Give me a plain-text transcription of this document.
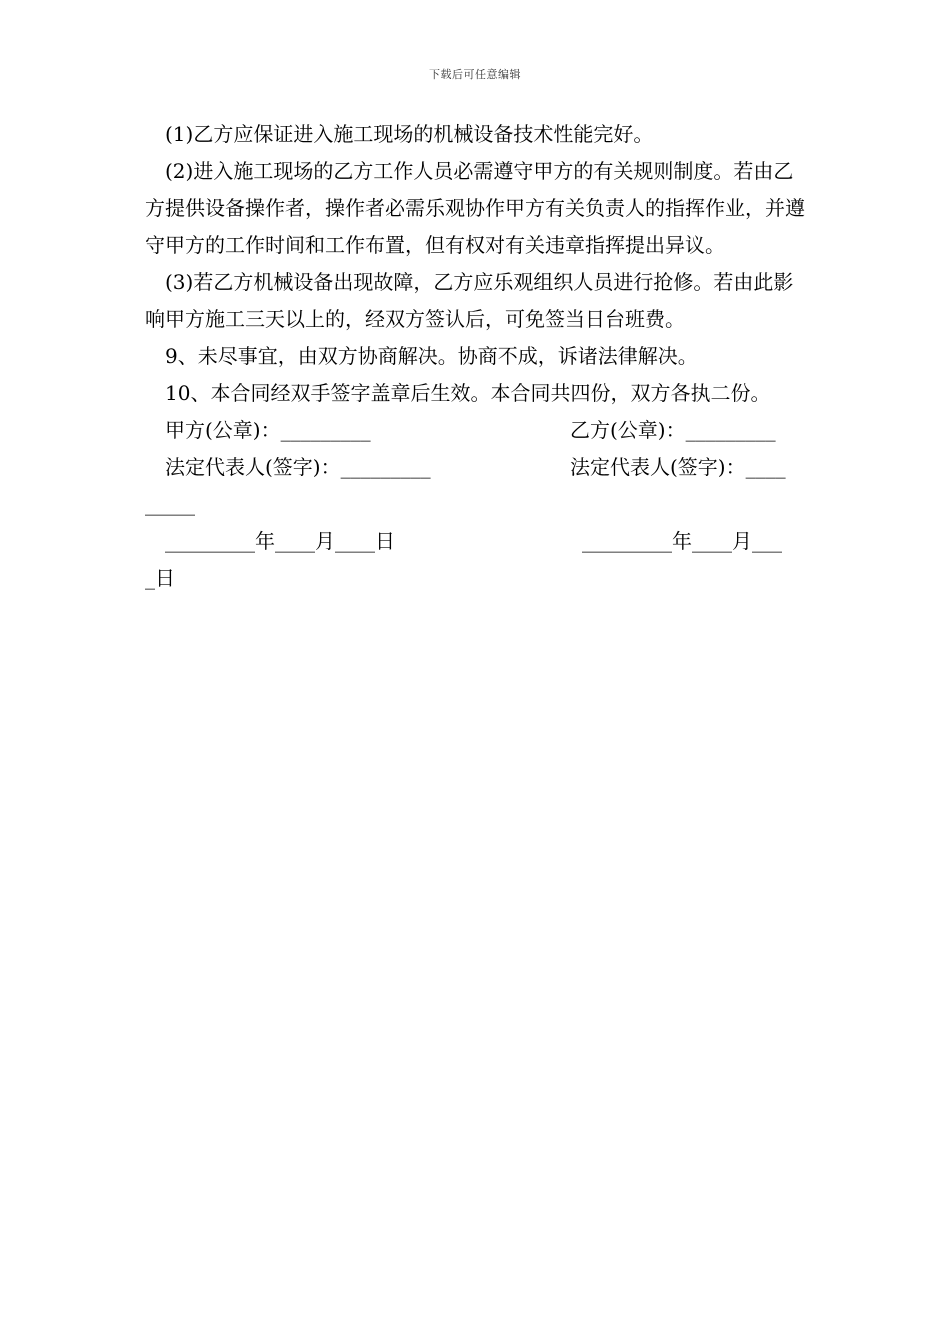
下载后可任意编辑

(1)乙方应保证进入施工现场的机械设备技术性能完好。

(2)进入施工现场的乙方工作人员必需遵守甲方的有关规则制度。若由乙方提供设备操作者，操作者必需乐观协作甲方有关负责人的指挥作业，并遵守甲方的工作时间和工作布置，但有权对有关违章指挥提出异议。

(3)若乙方机械设备出现故障，乙方应乐观组织人员进行抢修。若由此影响甲方施工三天以上的，经双方签认后，可免签当日台班费。

9、未尽事宜，由双方协商解决。协商不成，诉诸法律解决。

10、本合同经双手签字盖章后生效。本合同共四份，双方各执二份。

甲方(公章)：_________	乙方(公章)：_________
法定代表人(签字)：_________	法定代表人(签字)：____
_____
_________年____月____日	_________年____月___
_日
